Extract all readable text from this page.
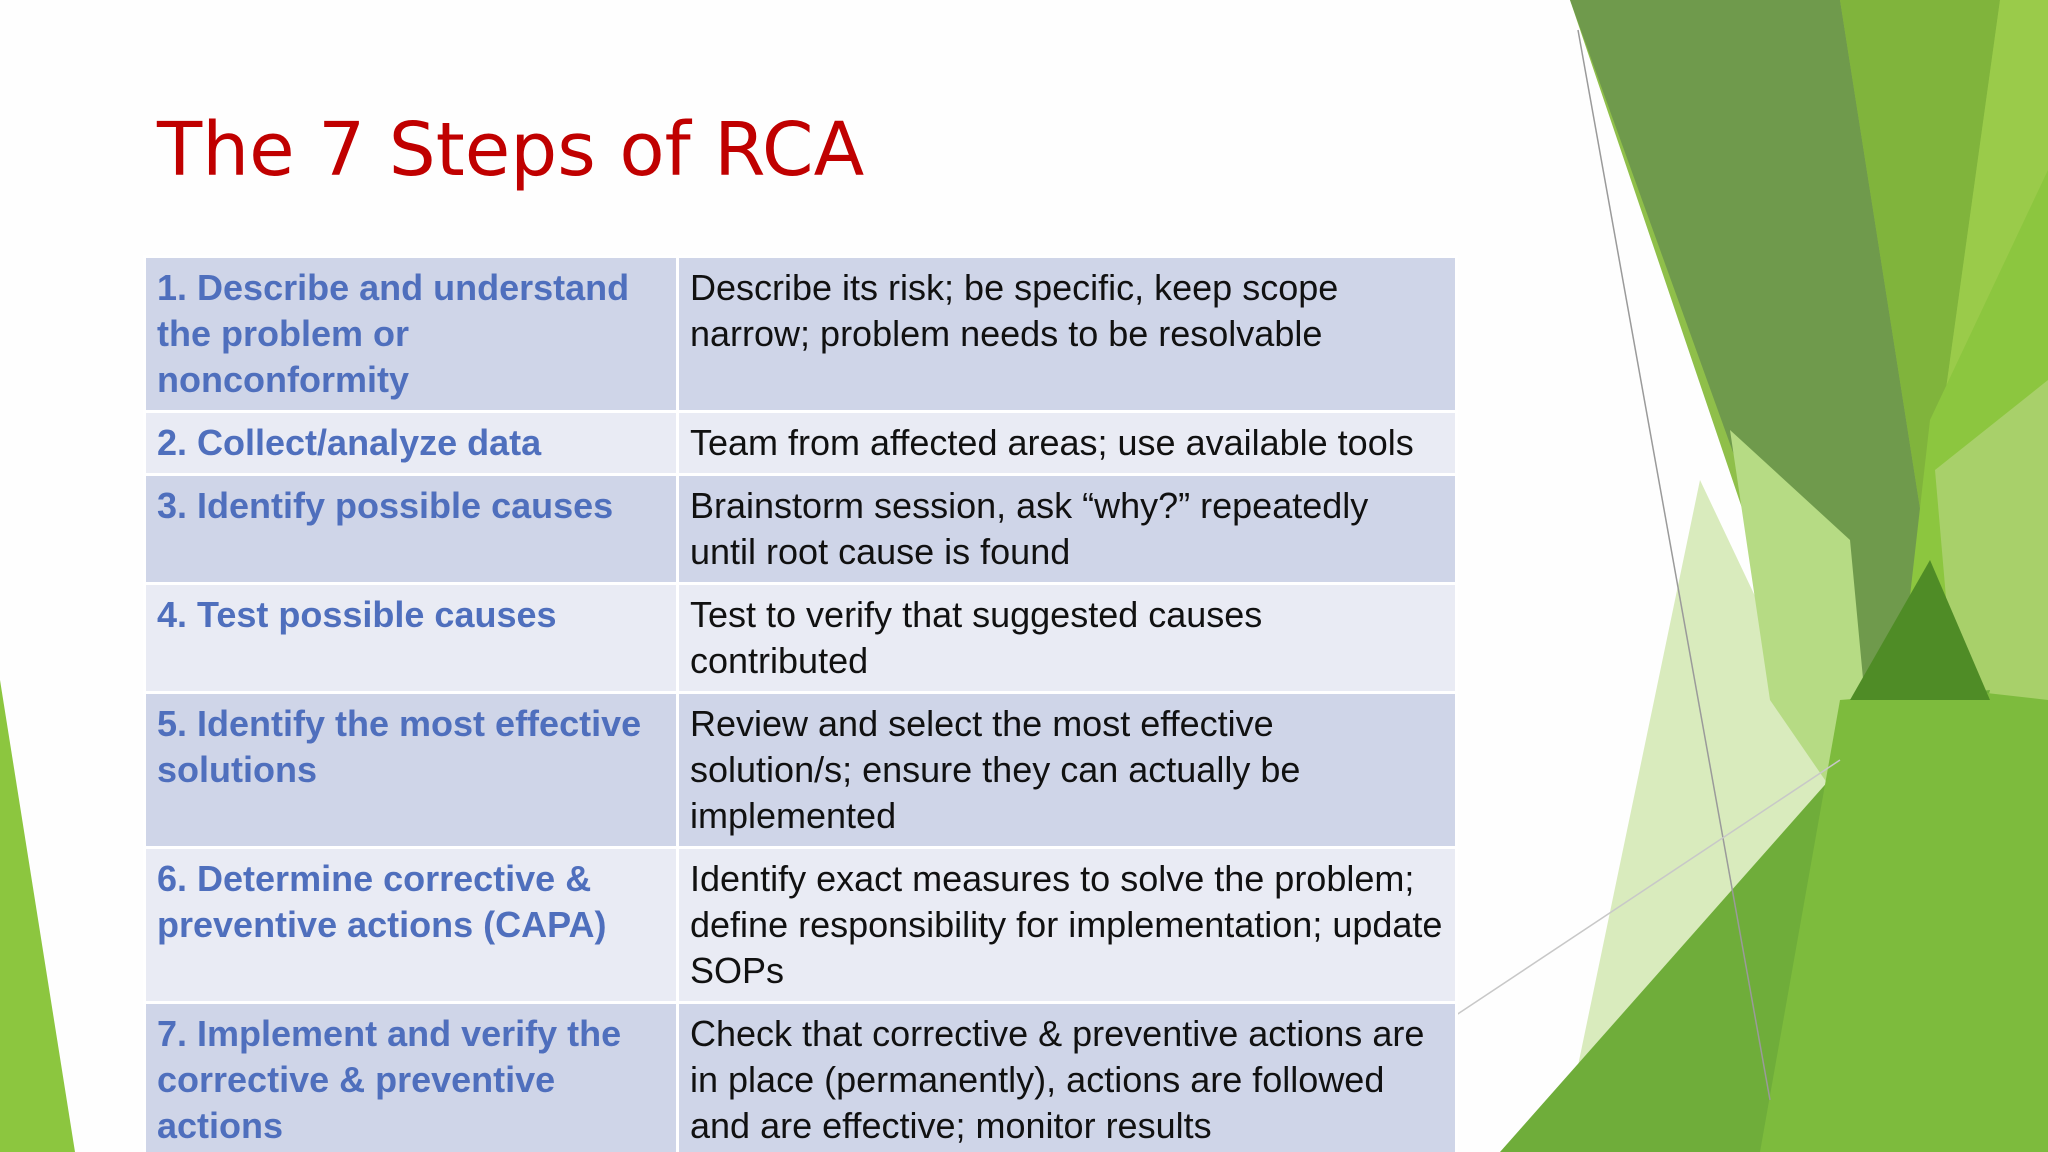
The 7 Steps of RCA
1. Describe and understand the problem or nonconformity	Describe its risk; be specific, keep scope narrow; problem needs to be resolvable
2. Collect/analyze data	Team from affected areas; use available tools
3. Identify possible causes	Brainstorm session, ask “why?” repeatedly until root cause is found
4. Test possible causes	Test to verify that suggested causes contributed
5. Identify the most effective solutions	Review and select the most effective solution/s; ensure they can actually be implemented
6. Determine corrective & preventive actions (CAPA)	Identify exact measures to solve the problem; define responsibility for implementation; update SOPs
7. Implement and verify the corrective & preventive actions	Check that corrective & preventive actions are in place (permanently), actions are followed and are effective; monitor results
